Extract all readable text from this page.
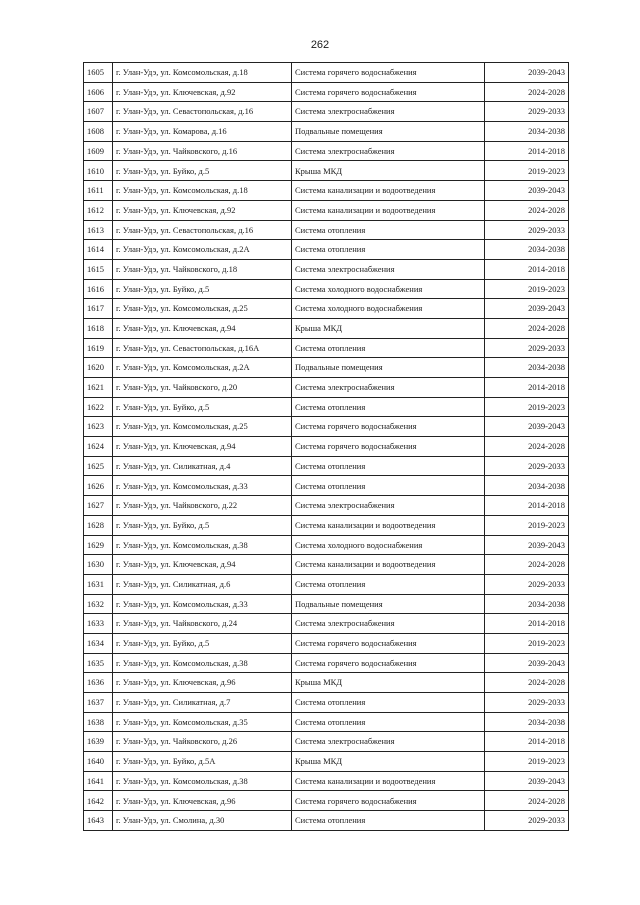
262
1605	г. Улан-Удэ, ул. Комсомольская, д.18	Система горячего водоснабжения	2039-2043
1606	г. Улан-Удэ, ул. Ключевская, д.92	Система горячего водоснабжения	2024-2028
1607	г. Улан-Удэ, ул. Севастопольская, д.16	Система электроснабжения	2029-2033
1608	г. Улан-Удэ, ул. Комарова, д.16	Подвальные помещения	2034-2038
1609	г. Улан-Удэ, ул. Чайковского, д.16	Система электроснабжения	2014-2018
1610	г. Улан-Удэ, ул. Буйко, д.5	Крыша МКД	2019-2023
1611	г. Улан-Удэ, ул. Комсомольская, д.18	Система канализации и водоотведения	2039-2043
1612	г. Улан-Удэ, ул. Ключевская, д.92	Система канализации и водоотведения	2024-2028
1613	г. Улан-Удэ, ул. Севастопольская, д.16	Система отопления	2029-2033
1614	г. Улан-Удэ, ул. Комсомольская, д.2А	Система отопления	2034-2038
1615	г. Улан-Удэ, ул. Чайковского, д.18	Система электроснабжения	2014-2018
1616	г. Улан-Удэ, ул. Буйко, д.5	Система холодного водоснабжения	2019-2023
1617	г. Улан-Удэ, ул. Комсомольская, д.25	Система холодного водоснабжения	2039-2043
1618	г. Улан-Удэ, ул. Ключевская, д.94	Крыша МКД	2024-2028
1619	г. Улан-Удэ, ул. Севастопольская, д.16А	Система отопления	2029-2033
1620	г. Улан-Удэ, ул. Комсомольская, д.2А	Подвальные помещения	2034-2038
1621	г. Улан-Удэ, ул. Чайковского, д.20	Система электроснабжения	2014-2018
1622	г. Улан-Удэ, ул. Буйко, д.5	Система отопления	2019-2023
1623	г. Улан-Удэ, ул. Комсомольская, д.25	Система горячего водоснабжения	2039-2043
1624	г. Улан-Удэ, ул. Ключевская, д.94	Система горячего водоснабжения	2024-2028
1625	г. Улан-Удэ, ул. Силикатная, д.4	Система отопления	2029-2033
1626	г. Улан-Удэ, ул. Комсомольская, д.33	Система отопления	2034-2038
1627	г. Улан-Удэ, ул. Чайковского, д.22	Система электроснабжения	2014-2018
1628	г. Улан-Удэ, ул. Буйко, д.5	Система канализации и водоотведения	2019-2023
1629	г. Улан-Удэ, ул. Комсомольская, д.38	Система холодного водоснабжения	2039-2043
1630	г. Улан-Удэ, ул. Ключевская, д.94	Система канализации и водоотведения	2024-2028
1631	г. Улан-Удэ, ул. Силикатная, д.6	Система отопления	2029-2033
1632	г. Улан-Удэ, ул. Комсомольская, д.33	Подвальные помещения	2034-2038
1633	г. Улан-Удэ, ул. Чайковского, д.24	Система электроснабжения	2014-2018
1634	г. Улан-Удэ, ул. Буйко, д.5	Система горячего водоснабжения	2019-2023
1635	г. Улан-Удэ, ул. Комсомольская, д.38	Система горячего водоснабжения	2039-2043
1636	г. Улан-Удэ, ул. Ключевская, д.96	Крыша МКД	2024-2028
1637	г. Улан-Удэ, ул. Силикатная, д.7	Система отопления	2029-2033
1638	г. Улан-Удэ, ул. Комсомольская, д.35	Система отопления	2034-2038
1639	г. Улан-Удэ, ул. Чайковского, д.26	Система электроснабжения	2014-2018
1640	г. Улан-Удэ, ул. Буйко, д.5А	Крыша МКД	2019-2023
1641	г. Улан-Удэ, ул. Комсомольская, д.38	Система канализации и водоотведения	2039-2043
1642	г. Улан-Удэ, ул. Ключевская, д.96	Система горячего водоснабжения	2024-2028
1643	г. Улан-Удэ, ул. Смолина, д.30	Система отопления	2029-2033
